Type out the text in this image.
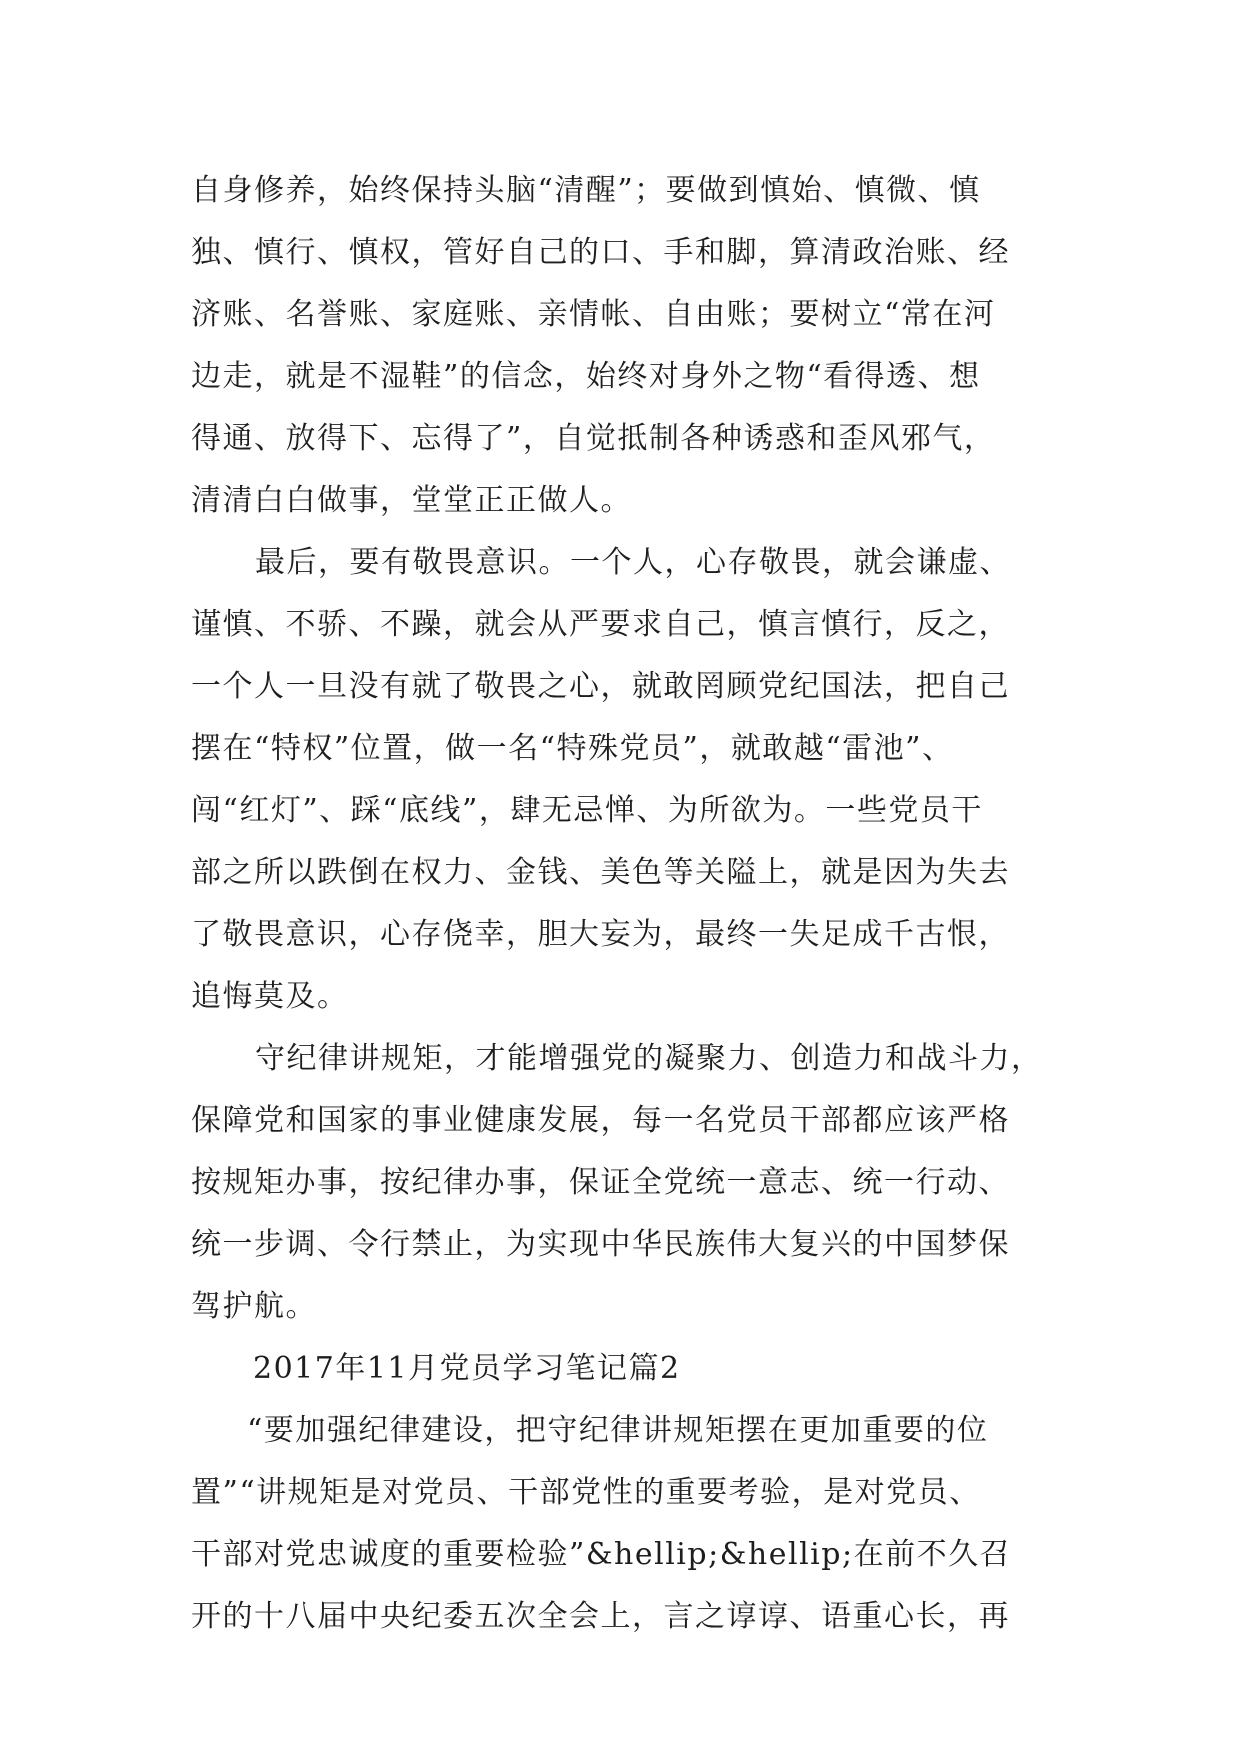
自身修养，始终保持头脑“清醒”；要做到慎始、慎微、慎
独、慎行、慎权，管好自己的口、手和脚，算清政治账、经
济账、名誉账、家庭账、亲情帐、自由账；要树立“常在河
边走，就是不湿鞋”的信念，始终对身外之物“看得透、想
得通、放得下、忘得了”，自觉抵制各种诱惑和歪风邪气，
清清白白做事，堂堂正正做人。
最后，要有敬畏意识。一个人，心存敬畏，就会谦虚、
谨慎、不骄、不躁，就会从严要求自己，慎言慎行，反之，
一个人一旦没有就了敬畏之心，就敢罔顾党纪国法，把自己
摆在“特权”位置，做一名“特殊党员”，就敢越“雷池”、
闯“红灯”、踩“底线”，肆无忌惮、为所欲为。一些党员干
部之所以跌倒在权力、金钱、美色等关隘上，就是因为失去
了敬畏意识，心存侥幸，胆大妄为，最终一失足成千古恨，
追悔莫及。
守纪律讲规矩，才能增强党的凝聚力、创造力和战斗力，
保障党和国家的事业健康发展，每一名党员干部都应该严格
按规矩办事，按纪律办事，保证全党统一意志、统一行动、
统一步调、令行禁止，为实现中华民族伟大复兴的中国梦保
驾护航。
2017年11月党员学习笔记篇2
“要加强纪律建设，把守纪律讲规矩摆在更加重要的位
置”“讲规矩是对党员、干部党性的重要考验，是对党员、
干部对党忠诚度的重要检验”&hellip;&hellip;在前不久召
开的十八届中央纪委五次全会上，言之谆谆、语重心长，再
